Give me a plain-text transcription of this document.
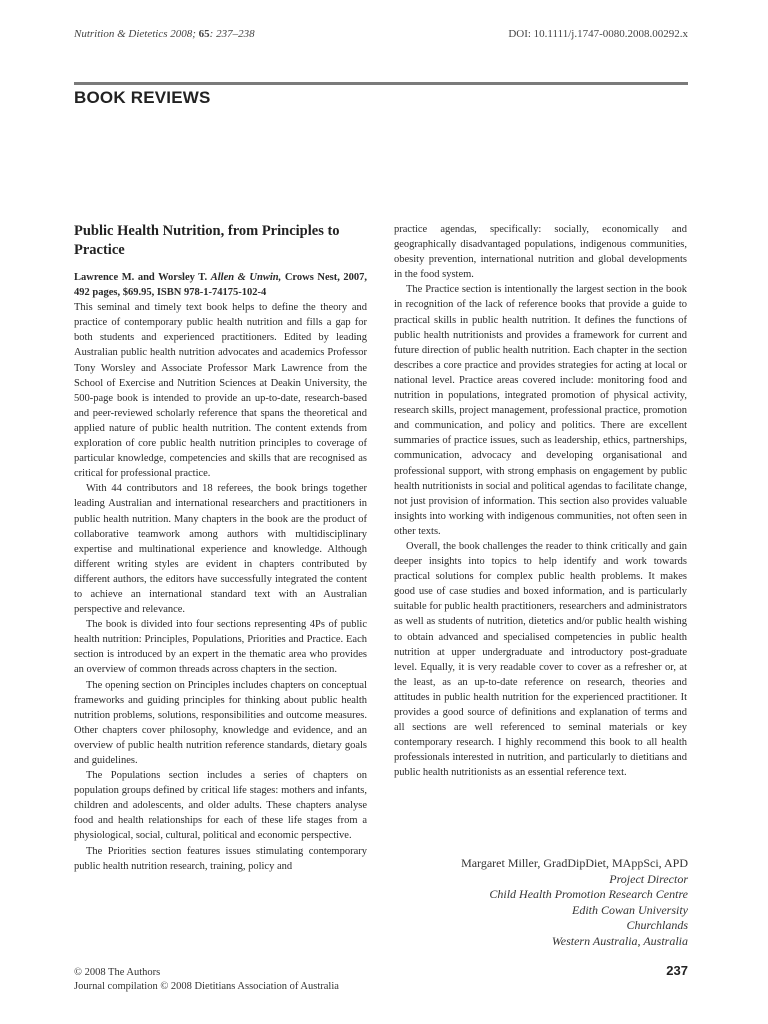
Nutrition & Dietetics 2008; 65: 237–238	DOI: 10.1111/j.1747-0080.2008.00292.x
BOOK REVIEWS
Public Health Nutrition, from Principles to Practice

Lawrence M. and Worsley T. Allen & Unwin, Crows Nest, 2007, 492 pages, $69.95, ISBN 978-1-74175-102-4

This seminal and timely text book helps to define the theory and practice of contemporary public health nutrition and fills a gap for both students and experienced practitioners. Edited by leading Australian public health nutrition advocates and academics Professor Tony Worsley and Associate Professor Mark Lawrence from the School of Exercise and Nutrition Sciences at Deakin University, the 500-page book is intended to provide an up-to-date, research-based and peer-reviewed scholarly reference that spans the theoretical and applied nature of public health nutrition. The content extends from exploration of core public health nutrition principles to coverage of particular knowledge, competencies and skills that are recognised as critical for professional practice.

With 44 contributors and 18 referees, the book brings together leading Australian and international researchers and practitioners in public health nutrition. Many chapters in the book are the product of collaborative teamwork among authors with multidisciplinary expertise and multinational experience and knowledge. Although different writing styles are evident in chapters contributed by different authors, the editors have successfully integrated the content to achieve an international standard text with an Australian perspective and relevance.

The book is divided into four sections representing 4Ps of public health nutrition: Principles, Populations, Priorities and Practice. Each section is introduced by an expert in the thematic area who provides an overview of common threads across chapters in the section.

The opening section on Principles includes chapters on conceptual frameworks and guiding principles for thinking about public health nutrition problems, solutions, responsibilities and outcome measures. Other chapters cover philosophy, knowledge and evidence, and an overview of public health nutrition reference standards, dietary goals and guidelines.

The Populations section includes a series of chapters on population groups defined by critical life stages: mothers and infants, children and adolescents, and older adults. These chapters analyse food and health relationships for each of these life stages from a physiological, social, cultural, political and economic perspective.

The Priorities section features issues stimulating contemporary public health nutrition research, training, policy and

practice agendas, specifically: socially, economically and geographically disadvantaged populations, indigenous communities, obesity prevention, international nutrition and global developments in the food system.

The Practice section is intentionally the largest section in the book in recognition of the lack of reference books that provide a guide to practical skills in public health nutrition. It defines the functions of public health nutritionists and provides a framework for current and future direction of public health nutrition. Each chapter in the section describes a core practice and provides strategies for acting at local or national level. Practice areas covered include: monitoring food and nutrition in populations, integrated promotion of physical activity, research skills, project management, professional practice, promotion and communication, and policy and politics. There are excellent summaries of practice issues, such as leadership, ethics, partnerships, communication, advocacy and developing organisational and professional support, with strong emphasis on engagement by public health nutritionists in social and political agendas to facilitate change, not just provision of information. This section also provides valuable insights into working with indigenous communities, not often seen in other texts.

Overall, the book challenges the reader to think critically and gain deeper insights into topics to help identify and work towards practical solutions for complex public health problems. It makes good use of case studies and boxed information, and is particularly suitable for public health practitioners, researchers and administrators as well as students of nutrition, dietetics and/or public health wishing to obtain advanced and specialised competencies in public health nutrition at upper undergraduate and introductory post-graduate level. Equally, it is very readable cover to cover as a refresher or, at the least, as an up-to-date reference on research, theories and attitudes in public health nutrition for the experienced practitioner. It provides a good source of definitions and explanation of terms and all sections are well referenced to seminal materials or key contemporary research. I highly recommend this book to all health professionals interested in nutrition, and particularly to dietitians and public health nutritionists as an essential reference text.

Margaret Miller, GradDipDiet, MAppSci, APD
Project Director
Child Health Promotion Research Centre
Edith Cowan University
Churchlands
Western Australia, Australia
© 2008 The Authors
Journal compilation © 2008 Dietitians Association of Australia
237
